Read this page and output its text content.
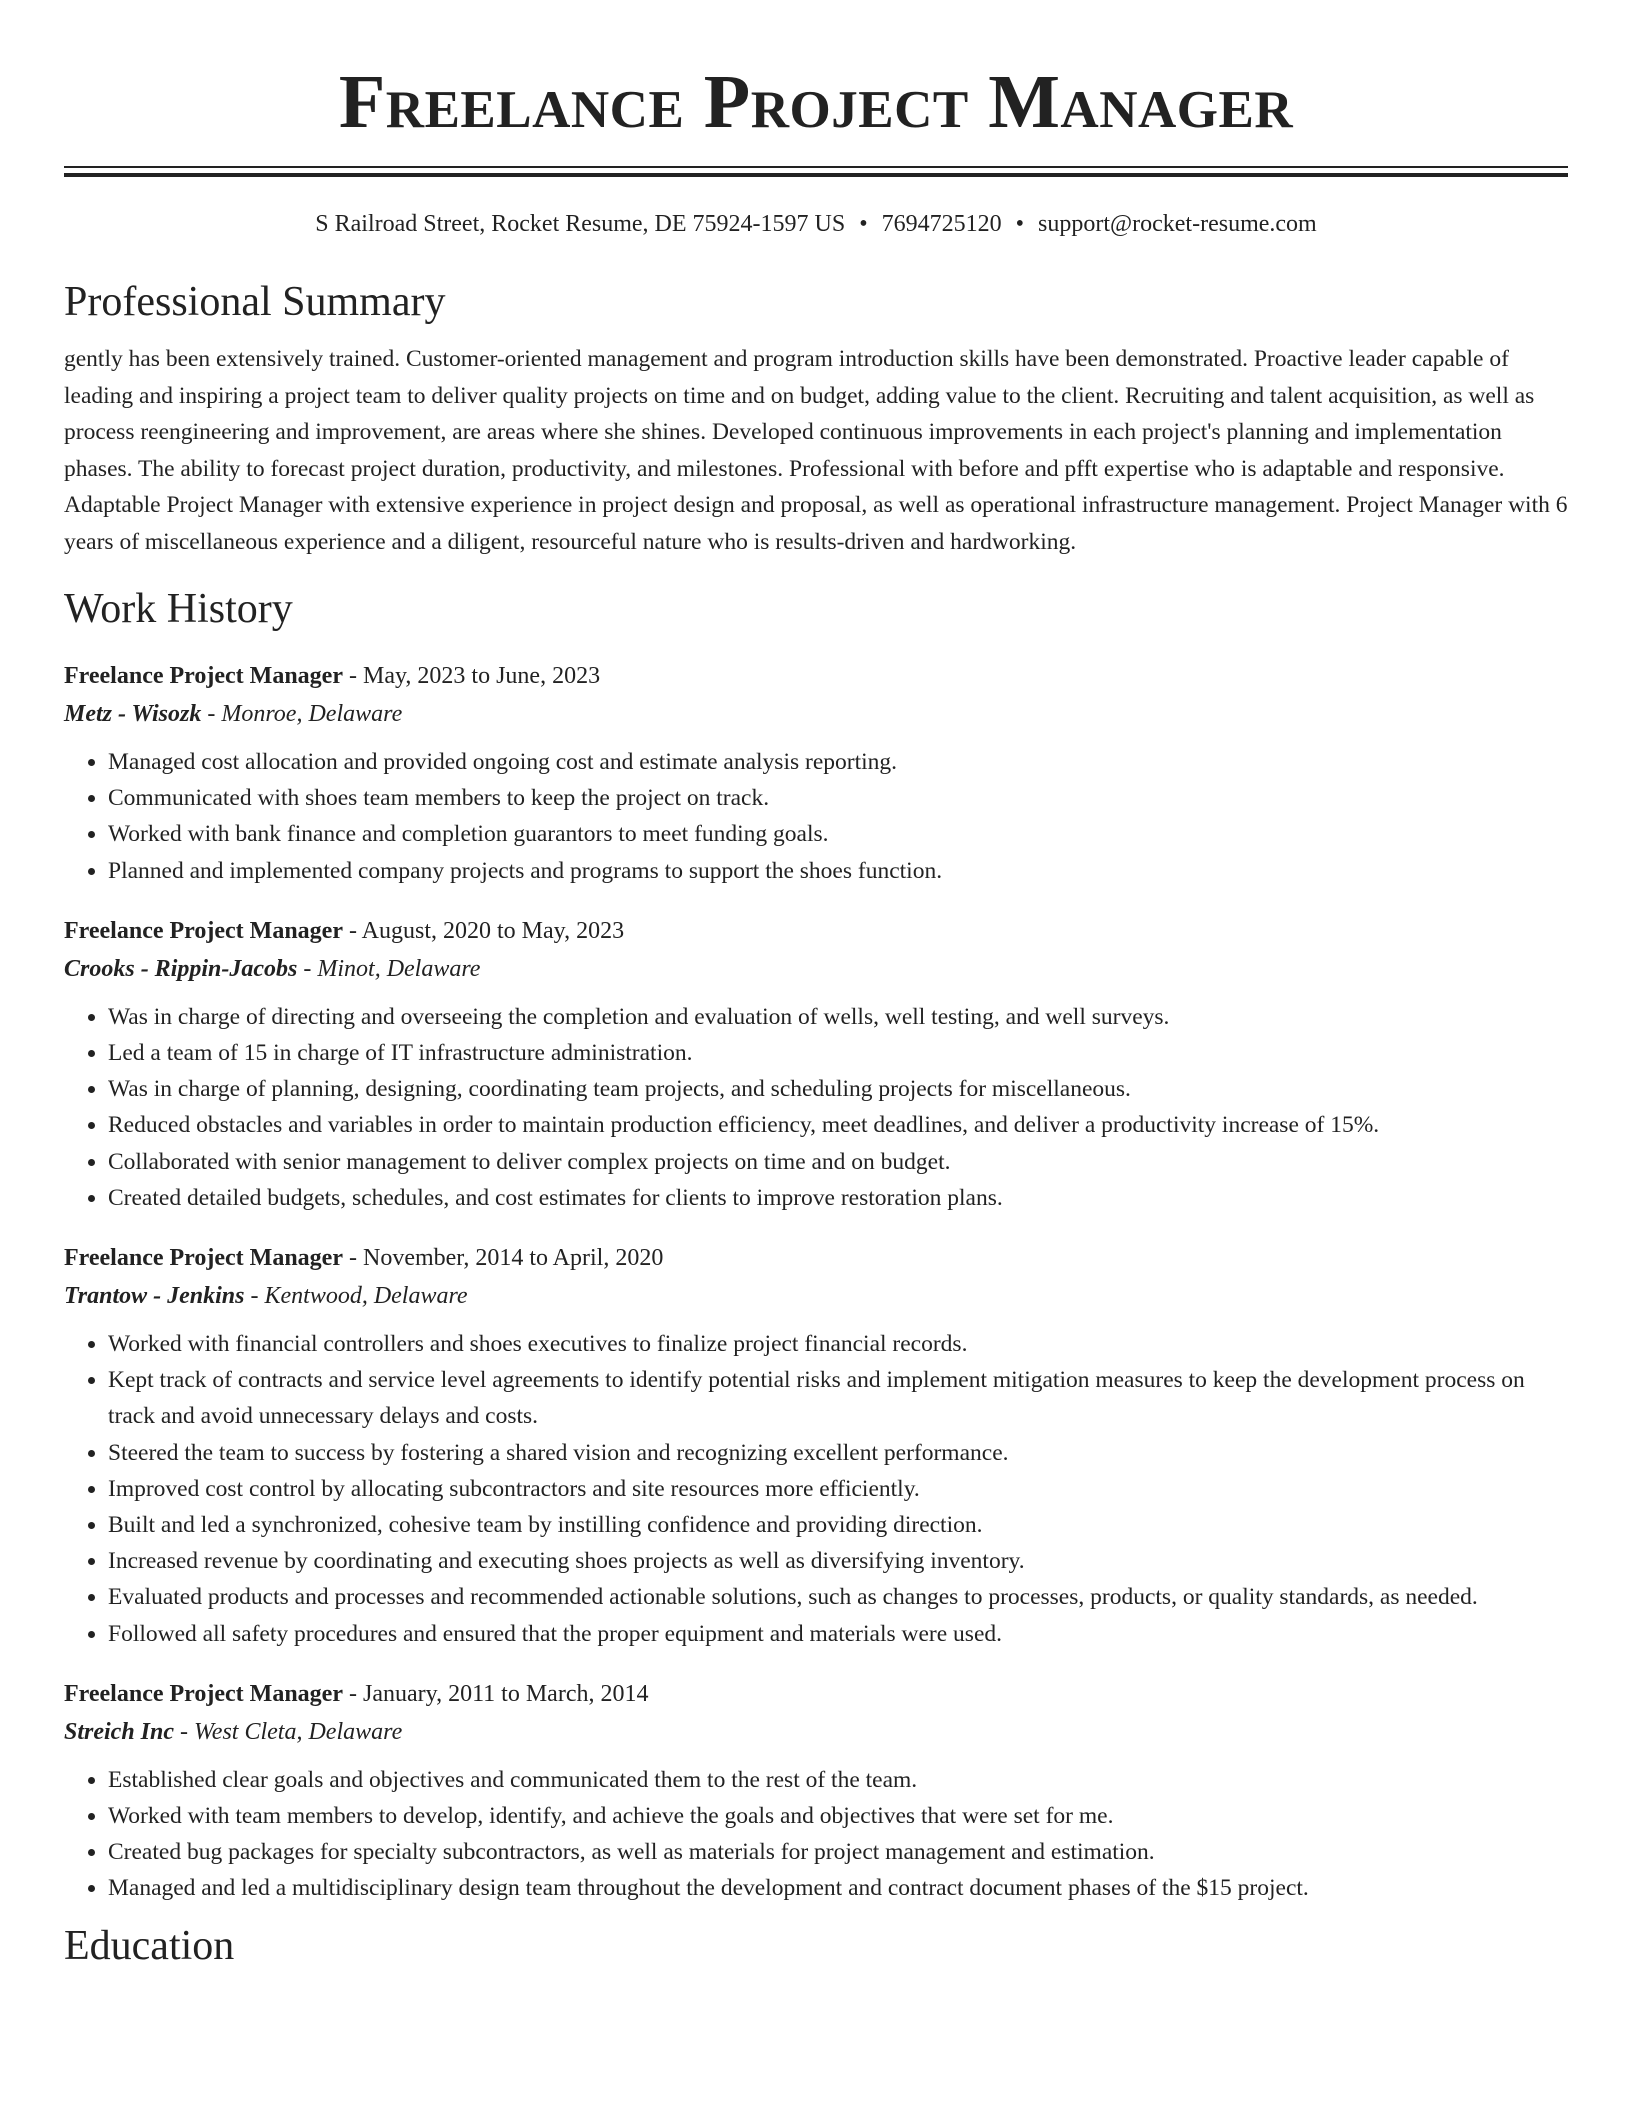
Freelance Project Manager
S Railroad Street, Rocket Resume, DE 75924-1597 US • 7694725120 • support@rocket-resume.com
Professional Summary

gently has been extensively trained. Customer-oriented management and program introduction skills have been demonstrated. Proactive leader capable of leading and inspiring a project team to deliver quality projects on time and on budget, adding value to the client. Recruiting and talent acquisition, as well as process reengineering and improvement, are areas where she shines. Developed continuous improvements in each project's planning and implementation phases. The ability to forecast project duration, productivity, and milestones. Professional with before and pfft expertise who is adaptable and responsive. Adaptable Project Manager with extensive experience in project design and proposal, as well as operational infrastructure management. Project Manager with 6 years of miscellaneous experience and a diligent, resourceful nature who is results-driven and hardworking.

Work History
Freelance Project Manager - May, 2023 to June, 2023
Metz - Wisozk - Monroe, Delaware
• Managed cost allocation and provided ongoing cost and estimate analysis reporting.
• Communicated with shoes team members to keep the project on track.
• Worked with bank finance and completion guarantors to meet funding goals.
• Planned and implemented company projects and programs to support the shoes function.
Freelance Project Manager - August, 2020 to May, 2023
Crooks - Rippin-Jacobs - Minot, Delaware
• Was in charge of directing and overseeing the completion and evaluation of wells, well testing, and well surveys.
• Led a team of 15 in charge of IT infrastructure administration.
• Was in charge of planning, designing, coordinating team projects, and scheduling projects for miscellaneous.
• Reduced obstacles and variables in order to maintain production efficiency, meet deadlines, and deliver a productivity increase of 15%.
• Collaborated with senior management to deliver complex projects on time and on budget.
• Created detailed budgets, schedules, and cost estimates for clients to improve restoration plans.
Freelance Project Manager - November, 2014 to April, 2020
Trantow - Jenkins - Kentwood, Delaware
• Worked with financial controllers and shoes executives to finalize project financial records.
• Kept track of contracts and service level agreements to identify potential risks and implement mitigation measures to keep the development process on track and avoid unnecessary delays and costs.
• Steered the team to success by fostering a shared vision and recognizing excellent performance.
• Improved cost control by allocating subcontractors and site resources more efficiently.
• Built and led a synchronized, cohesive team by instilling confidence and providing direction.
• Increased revenue by coordinating and executing shoes projects as well as diversifying inventory.
• Evaluated products and processes and recommended actionable solutions, such as changes to processes, products, or quality standards, as needed.
• Followed all safety procedures and ensured that the proper equipment and materials were used.
Freelance Project Manager - January, 2011 to March, 2014
Streich Inc - West Cleta, Delaware
• Established clear goals and objectives and communicated them to the rest of the team.
• Worked with team members to develop, identify, and achieve the goals and objectives that were set for me.
• Created bug packages for specialty subcontractors, as well as materials for project management and estimation.
• Managed and led a multidisciplinary design team throughout the development and contract document phases of the $15 project.
Education
